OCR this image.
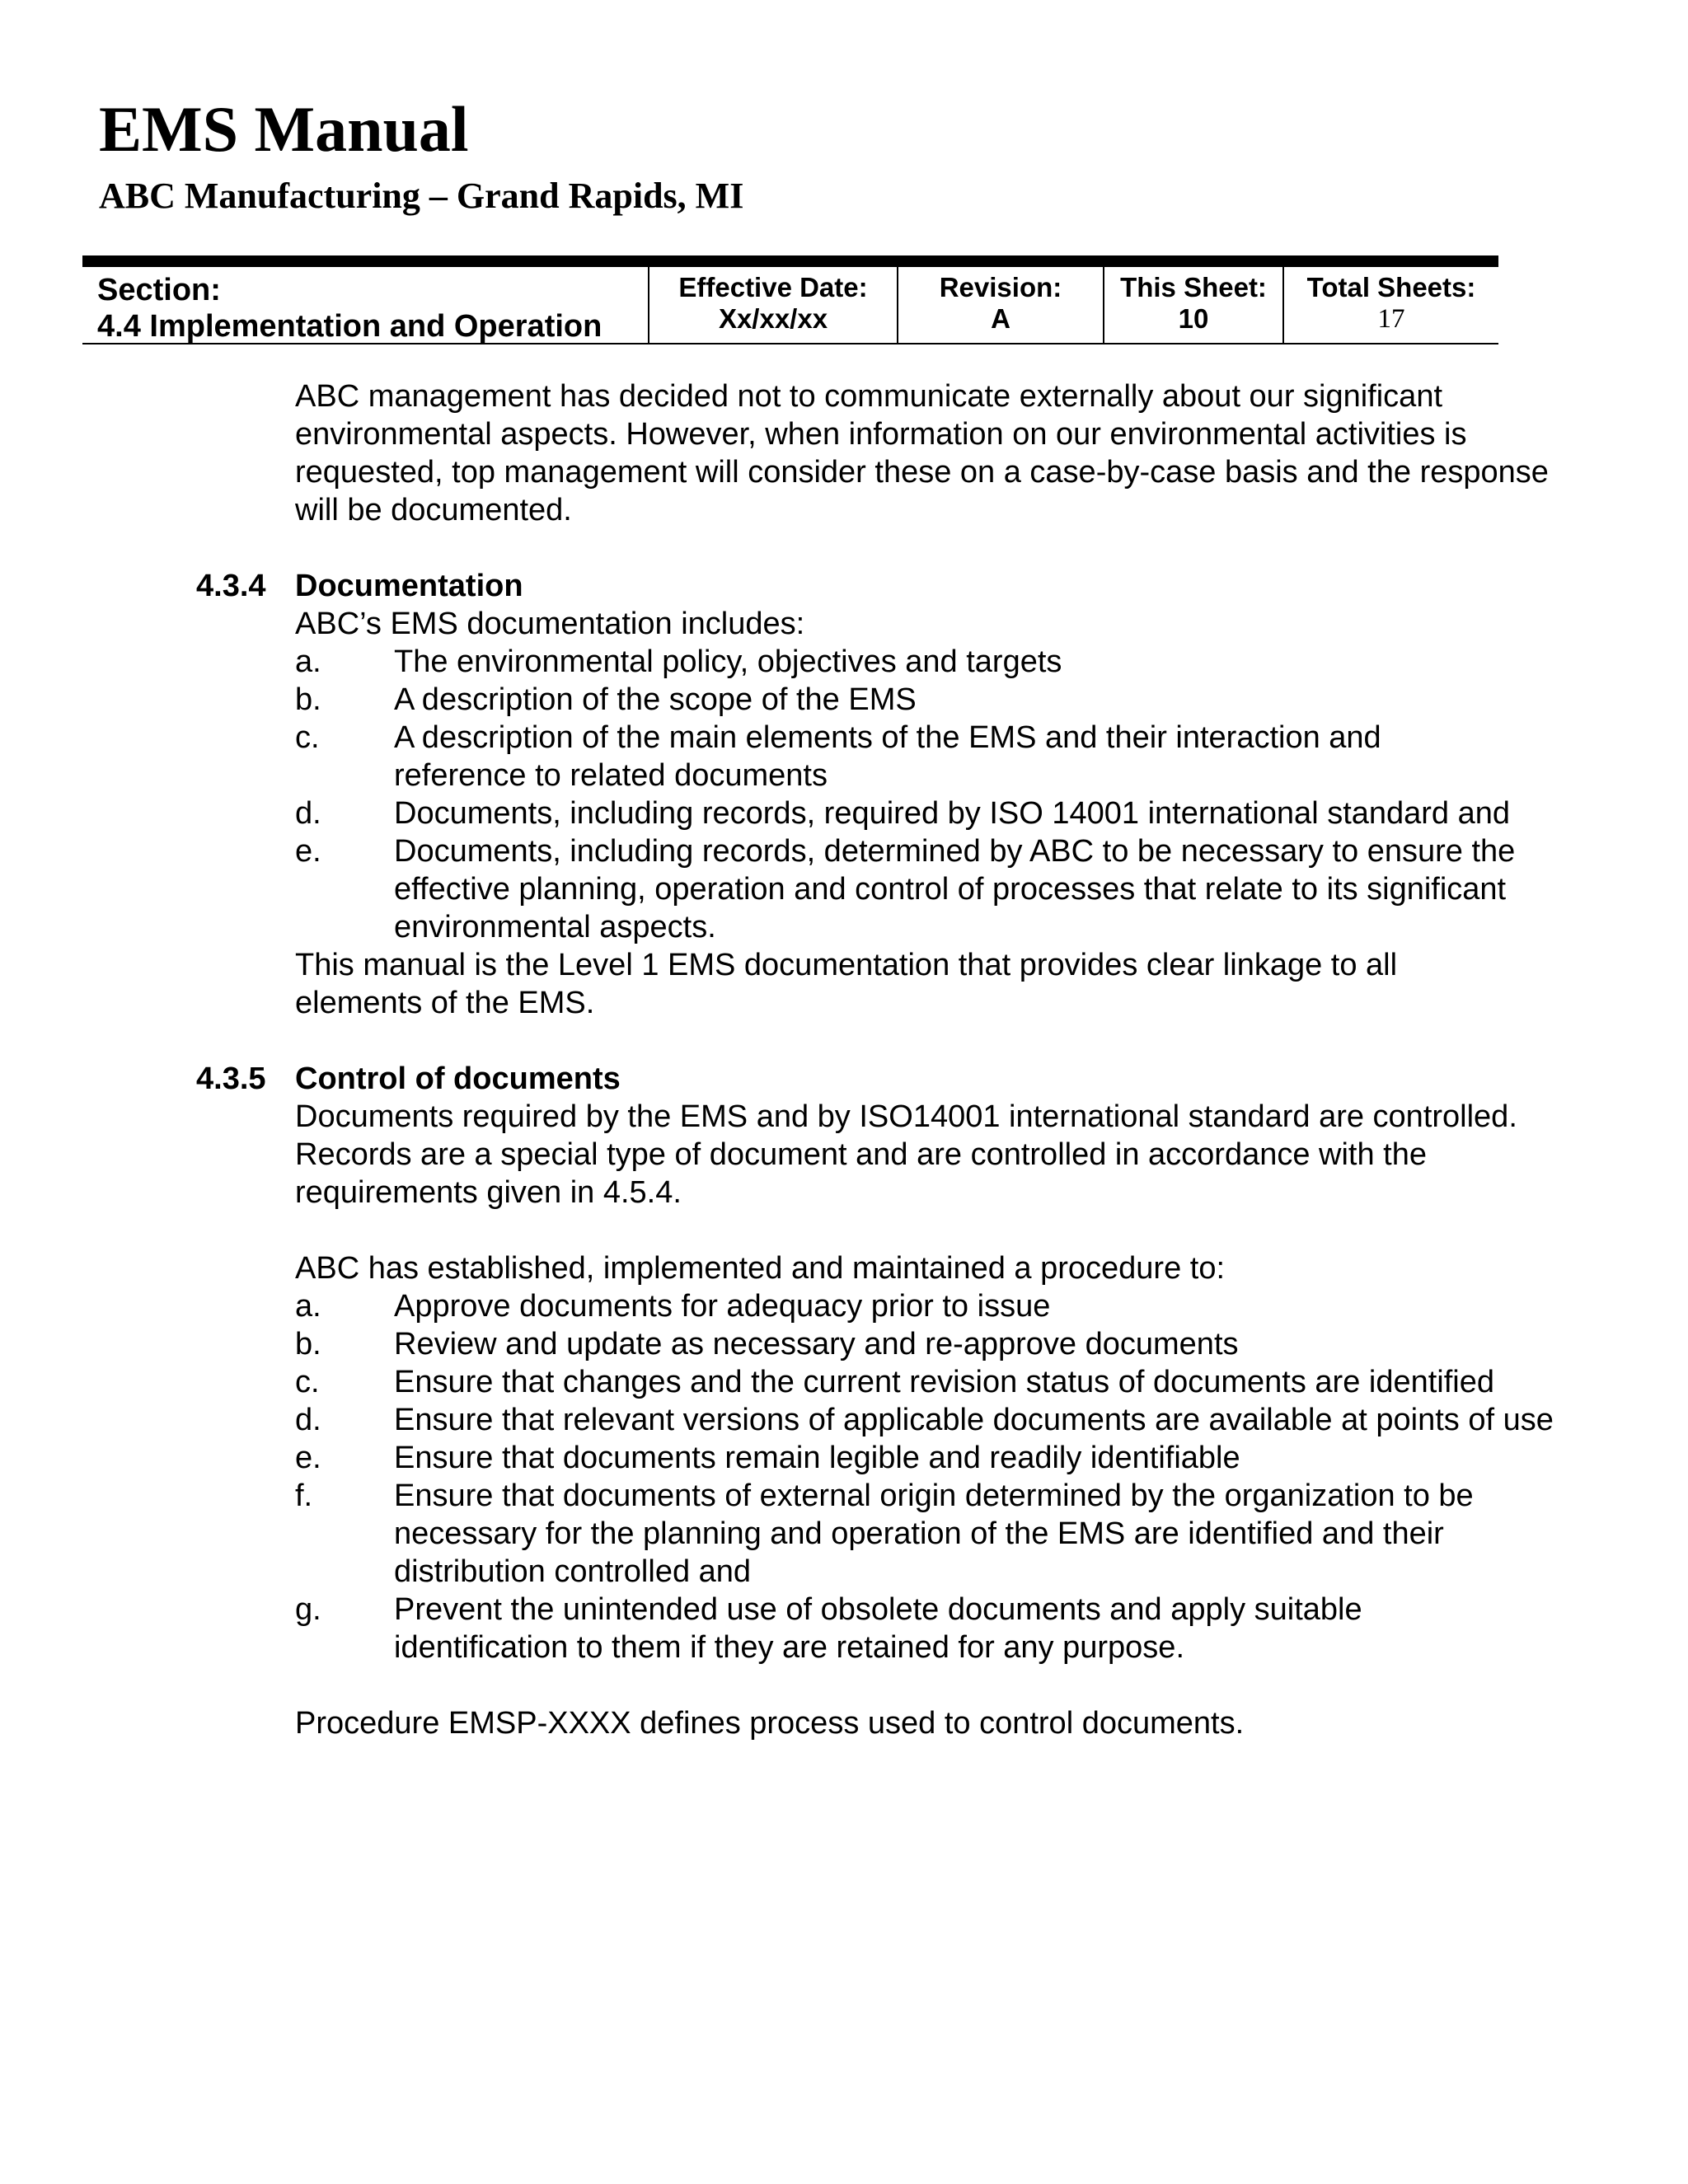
EMS Manual
ABC Manufacturing – Grand Rapids, MI
Section:
4.4 Implementation and Operation
Effective Date:
Xx/xx/xx
Revision:
A
This Sheet:
10
Total Sheets:
17

ABC management has decided not to communicate externally about our significant environmental aspects. However, when information on our environmental activities is requested, top management will consider these on a case-by-case basis and the response will be documented.

4.3.4 Documentation

ABC’s EMS documentation includes:

a. The environmental policy, objectives and targets
b. A description of the scope of the EMS
c. A description of the main elements of the EMS and their interaction and reference to related documents
d. Documents, including records, required by ISO 14001 international standard and
e. Documents, including records, determined by ABC to be necessary to ensure the effective planning, operation and control of processes that relate to its significant environmental aspects.

This manual is the Level 1 EMS documentation that provides clear linkage to all elements of the EMS.

4.3.5 Control of documents

Documents required by the EMS and by ISO14001 international standard are controlled. Records are a special type of document and are controlled in accordance with the requirements given in 4.5.4.

ABC has established, implemented and maintained a procedure to:

a. Approve documents for adequacy prior to issue
b. Review and update as necessary and re-approve documents
c. Ensure that changes and the current revision status of documents are identified
d. Ensure that relevant versions of applicable documents are available at points of use
e. Ensure that documents remain legible and readily identifiable
f.	Ensure that documents of external origin determined by the organization to be necessary for the planning and operation of the EMS are identified and their distribution controlled and
g. Prevent the unintended use of obsolete documents and apply suitable identification to them if they are retained for any purpose.

Procedure EMSP-XXXX defines process used to control documents.
